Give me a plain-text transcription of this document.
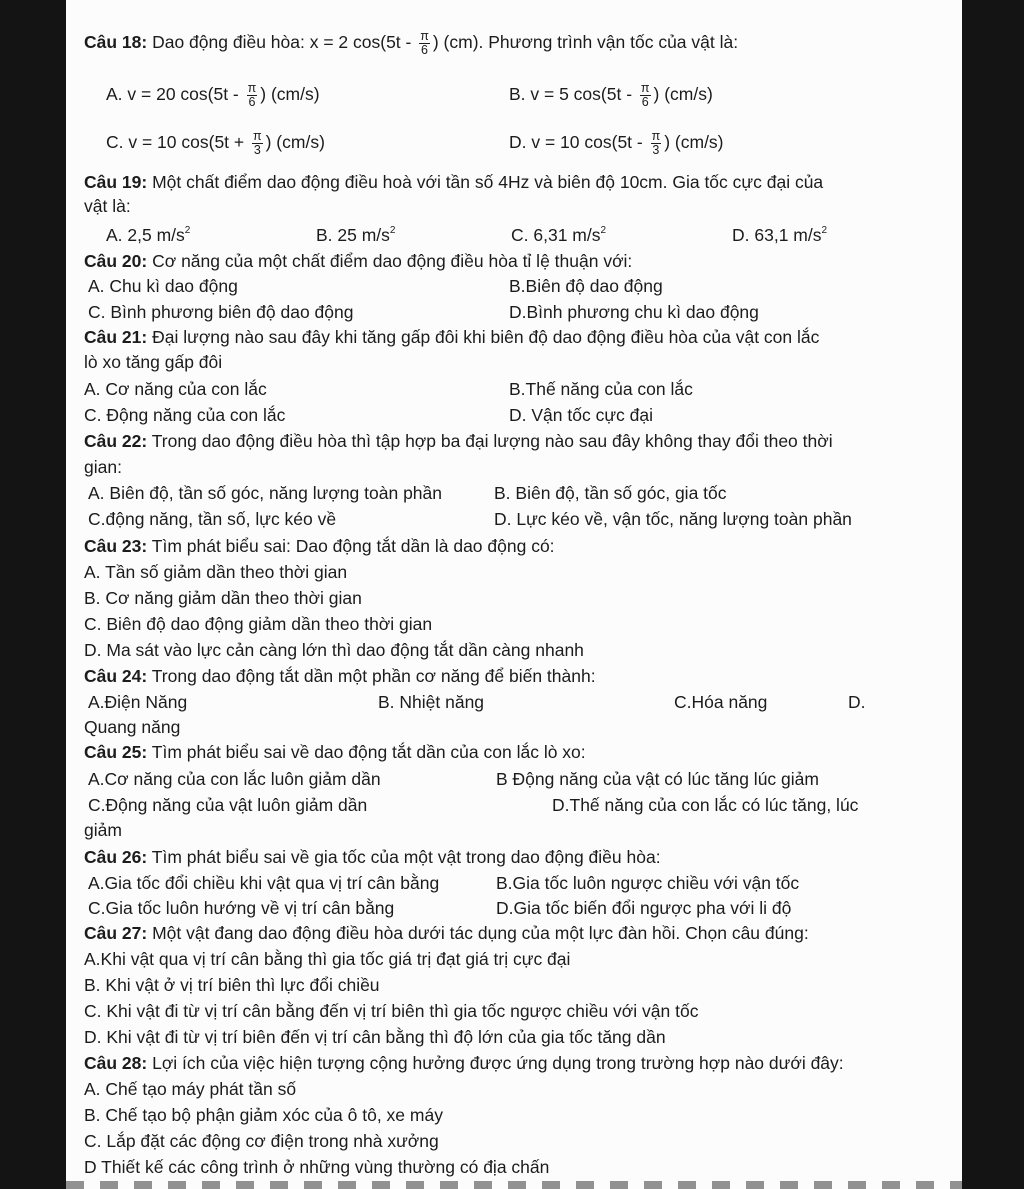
Câu 18: Dao động điều hòa: x = 2 $\cos(5t - \frac{\pi}{6}$ ) (cm). Phương trình vận tốc của vật là:
A. v = 20 $\cos(5t - \frac{\pi}{6}$ ) (cm/s)	B. v = 5 $\cos(5t - \frac{\pi}{6}$ ) (cm/s)
C. v = 10 $\cos(5t + \frac{\pi}{3}$ ) (cm/s)	D. v = 10 $\cos(5t - \frac{\pi}{3}$ ) (cm/s)
Câu 19: Một chất điểm dao động điều hoà với tần số 4Hz và biên độ 10cm. Gia tốc cực đại của
vật là:
A. 2,5 $m/s^2$	B. 25 $m/s^2$	C. 6,31 $m/s^2$	D. 63,1 $m/s^2$
Câu 20: Cơ năng của một chất điểm dao động điều hòa tỉ lệ thuận với:
A. Chu kì dao động	B.Biên độ dao động
C. Bình phương biên độ dao động	D.Bình phương chu kì dao động
Câu 21: Đại lượng nào sau đây khi tăng gấp đôi khi biên độ dao động điều hòa của vật con lắc
lò xo tăng gấp đôi
A. Cơ năng của con lắc	B.Thế năng của con lắc
C. Động năng của con lắc	D. Vận tốc cực đại
Câu 22: Trong dao động điều hòa thì tập hợp ba đại lượng nào sau đây không thay đổi theo thời
gian:
A. Biên độ, tần số góc, năng lượng toàn phần	B. Biên độ, tần số góc, gia tốc
C.động năng, tần số, lực kéo về	D. Lực kéo về, vận tốc, năng lượng toàn phần
Câu 23: Tìm phát biểu sai: Dao động tắt dần là dao động có:
A. Tần số giảm dần theo thời gian
B. Cơ năng giảm dần theo thời gian
C. Biên độ dao động giảm dần theo thời gian
D. Ma sát vào lực cản càng lớn thì dao động tắt dần càng nhanh
Câu 24: Trong dao động tắt dần một phần cơ năng để biến thành:
A.Điện Năng	B. Nhiệt năng	C.Hóa năng	D.
Quang năng
Câu 25: Tìm phát biểu sai về dao động tắt dần của con lắc lò xo:
A.Cơ năng của con lắc luôn giảm dần	B Động năng của vật có lúc tăng lúc giảm
C.Động năng của vật luôn giảm dần	D.Thế năng của con lắc có lúc tăng, lúc
giảm
Câu 26: Tìm phát biểu sai về gia tốc của một vật trong dao động điều hòa:
A.Gia tốc đổi chiều khi vật qua vị trí cân bằng	B.Gia tốc luôn ngược chiều với vận tốc
C.Gia tốc luôn hướng về vị trí cân bằng	D.Gia tốc biến đổi ngược pha với li độ
Câu 27: Một vật đang dao động điều hòa dưới tác dụng của một lực đàn hồi. Chọn câu đúng:
A.Khi vật qua vị trí cân bằng thì gia tốc giá trị đạt giá trị cực đại
B. Khi vật ở vị trí biên thì lực đổi chiều
C. Khi vật đi từ vị trí cân bằng đến vị trí biên thì gia tốc ngược chiều với vận tốc
D. Khi vật đi từ vị trí biên đến vị trí cân bằng thì độ lớn của gia tốc tăng dần
Câu 28: Lợi ích của việc hiện tượng cộng hưởng được ứng dụng trong trường hợp nào dưới đây:
A. Chế tạo máy phát tần số
B. Chế tạo bộ phận giảm xóc của ô tô, xe máy
C. Lắp đặt các động cơ điện trong nhà xưởng
D Thiết kế các công trình ở những vùng thường có địa chấn
